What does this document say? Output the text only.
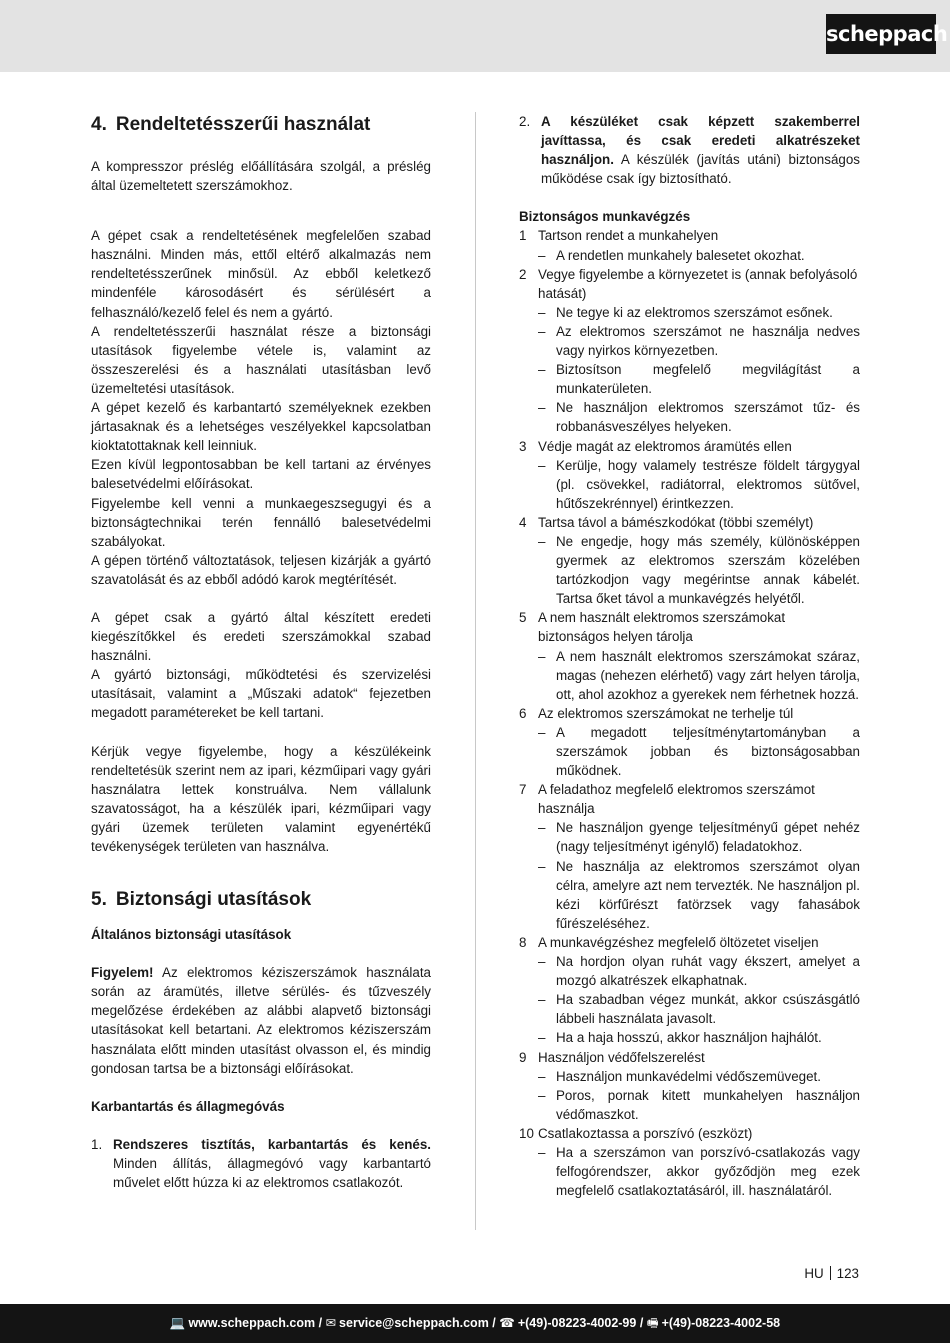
scheppach
4. Rendeltetésszerűi használat

A kompresszor préslég előállítására szolgál, a préslég által üzemeltetett szerszámokhoz.

A gépet csak a rendeltetésének megfelelően szabad használni. Minden más, ettől eltérő alkalmazás nem rendeltetésszerűnek minősül. Az ebből keletkező mindenféle károsodásért és sérülésért a felhasználó/kezelő felel és nem a gyártó.

A rendeltetésszerűi használat része a biztonsági utasítások figyelembe vétele is, valamint az összeszerelési és a használati utasításban levő üzemeltetési utasítások.

A gépet kezelő és karbantartó személyeknek ezekben jártasaknak és a lehetséges veszélyekkel kapcsolatban kioktatottaknak kell leinniuk.

Ezen kívül legpontosabban be kell tartani az érvényes balesetvédelmi előírásokat.

Figyelembe kell venni a munkaegeszsegugyi és a biztonságtechnikai terén fennálló balesetvédelmi szabályokat.

A gépen történő változtatások, teljesen kizárják a gyártó szavatolását és az ebből adódó karok megtérítését.

A gépet csak a gyártó által készített eredeti kiegészítőkkel és eredeti szerszámokkal szabad használni.

A gyártó biztonsági, működtetési és szervizelési utasításait, valamint a „Műszaki adatok“ fejezetben megadott paramétereket be kell tartani.

Kérjük vegye figyelembe, hogy a készülékeink rendeltetésük szerint nem az ipari, kézműipari vagy gyári használatra lettek konstruálva. Nem vállalunk szavatosságot, ha a készülék ipari, kézműipari vagy gyári üzemek területen valamint egyenértékű tevékenységek területen van használva.

5. Biztonsági utasítások

Általános biztonsági utasítások

Figyelem! Az elektromos kéziszerszámok használata során az áramütés, illetve sérülés- és tűzveszély megelőzése érdekében az alábbi alapvető biztonsági utasításokat kell betartani. Az elektromos kéziszerszám használata előtt minden utasítást olvasson el, és mindig gondosan tartsa be a biztonsági előírásokat.

Karbantartás és állagmegóvás

1. Rendszeres tisztítás, karbantartás és kenés. Minden állítás, állagmegóvó vagy karbantartó művelet előtt húzza ki az elektromos csatlakozót.
2. A készüléket csak képzett szakemberrel javíttassa, és csak eredeti alkatrészeket használjon. A készülék (javítás utáni) biztonságos működése csak így biztosítható.

Biztonságos munkavégzés

1 Tartson rendet a munkahelyen

– A rendetlen munkahely balesetet okozhat.

2 Vegye figyelembe a környezetet is (annak befolyásoló hatását)

– Ne tegye ki az elektromos szerszámot esőnek.

– Az elektromos szerszámot ne használja nedves vagy nyirkos környezetben.

– Biztosítson megfelelő megvilágítást a munkaterületen.

– Ne használjon elektromos szerszámot tűz- és robbanásveszélyes helyeken.

3 Védje magát az elektromos áramütés ellen

– Kerülje, hogy valamely testrésze földelt tárgygyal (pl. csövekkel, radiátorral, elektromos sütővel, hűtőszekrénnyel) érintkezzen.

4 Tartsa távol a bámészkodókat (többi személyt)

– Ne engedje, hogy más személy, különösképpen gyermek az elektromos szerszám közelében tartózkodjon vagy megérintse annak kábelét. Tartsa őket távol a munkavégzés helyétől.

5 A nem használt elektromos szerszámokat biztonságos helyen tárolja

– A nem használt elektromos szerszámokat száraz, magas (nehezen elérhető) vagy zárt helyen tárolja, ott, ahol azokhoz a gyerekek nem férhetnek hozzá.

6 Az elektromos szerszámokat ne terhelje túl

– A megadott teljesítménytartományban a szerszámok jobban és biztonságosabban működnek.

7 A feladathoz megfelelő elektromos szerszámot használja

– Ne használjon gyenge teljesítményű gépet nehéz (nagy teljesítményt igénylő) feladatokhoz.

– Ne használja az elektromos szerszámot olyan célra, amelyre azt nem tervezték. Ne használjon pl. kézi körfűrészt fatörzsek vagy fahasábok fűrészeléséhez.

8 A munkavégzéshez megfelelő öltözetet viseljen

– Na hordjon olyan ruhát vagy ékszert, amelyet a mozgó alkatrészek elkaphatnak.

– Ha szabadban végez munkát, akkor csúszásgátló lábbeli használata javasolt.

– Ha a haja hosszú, akkor használjon hajhálót.

9 Használjon védőfelszerelést

– Használjon munkavédelmi védőszemüveget.

– Poros, pornak kitett munkahelyen használjon védőmaszkot.

10 Csatlakoztassa a porszívó (eszközt)

– Ha a szerszámon van porszívó-csatlakozás vagy felfogórendszer, akkor győződjön meg ezek megfelelő csatlakoztatásáról, ill. használatáról.

HU 123
💻 www.scheppach.com / ✉ service@scheppach.com / ☎ +(49)-08223-4002-99 / 🖷 +(49)-08223-4002-58
